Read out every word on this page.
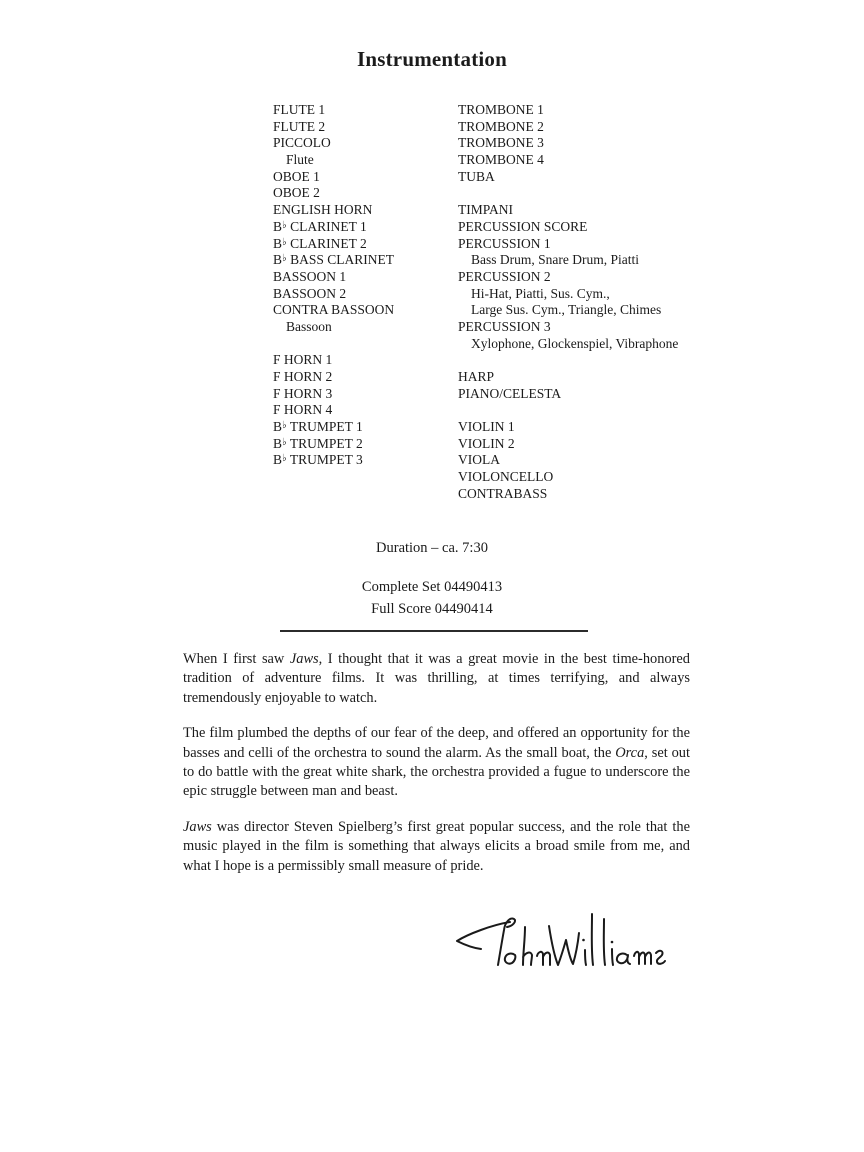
Instrumentation
FLUTE 1
FLUTE 2
PICCOLO
Flute
OBOE 1
OBOE 2
ENGLISH HORN
B♭ CLARINET 1
B♭ CLARINET 2
B♭ BASS CLARINET
BASSOON 1
BASSOON 2
CONTRA BASSOON
Bassoon
F HORN 1
F HORN 2
F HORN 3
F HORN 4
B♭ TRUMPET 1
B♭ TRUMPET 2
B♭ TRUMPET 3
TROMBONE 1
TROMBONE 2
TROMBONE 3
TROMBONE 4
TUBA
TIMPANI
PERCUSSION SCORE
PERCUSSION 1
Bass Drum, Snare Drum, Piatti
PERCUSSION 2
Hi-Hat, Piatti, Sus. Cym.,
Large Sus. Cym., Triangle, Chimes
PERCUSSION 3
Xylophone, Glockenspiel, Vibraphone
HARP
PIANO/CELESTA
VIOLIN 1
VIOLIN 2
VIOLA
VIOLONCELLO
CONTRABASS
Duration – ca. 7:30
Complete Set 04490413
Full Score 04490414

When I first saw Jaws, I thought that it was a great movie in the best time-honored tradition of adventure films. It was thrilling, at times terrifying, and always tremendously enjoyable to watch.

The film plumbed the depths of our fear of the deep, and offered an opportunity for the basses and celli of the orchestra to sound the alarm. As the small boat, the Orca, set out to do battle with the great white shark, the orchestra provided a fugue to underscore the epic struggle between man and beast.

Jaws was director Steven Spielberg’s first great popular success, and the role that the music played in the film is something that always elicits a broad smile from me, and what I hope is a permissibly small measure of pride.
